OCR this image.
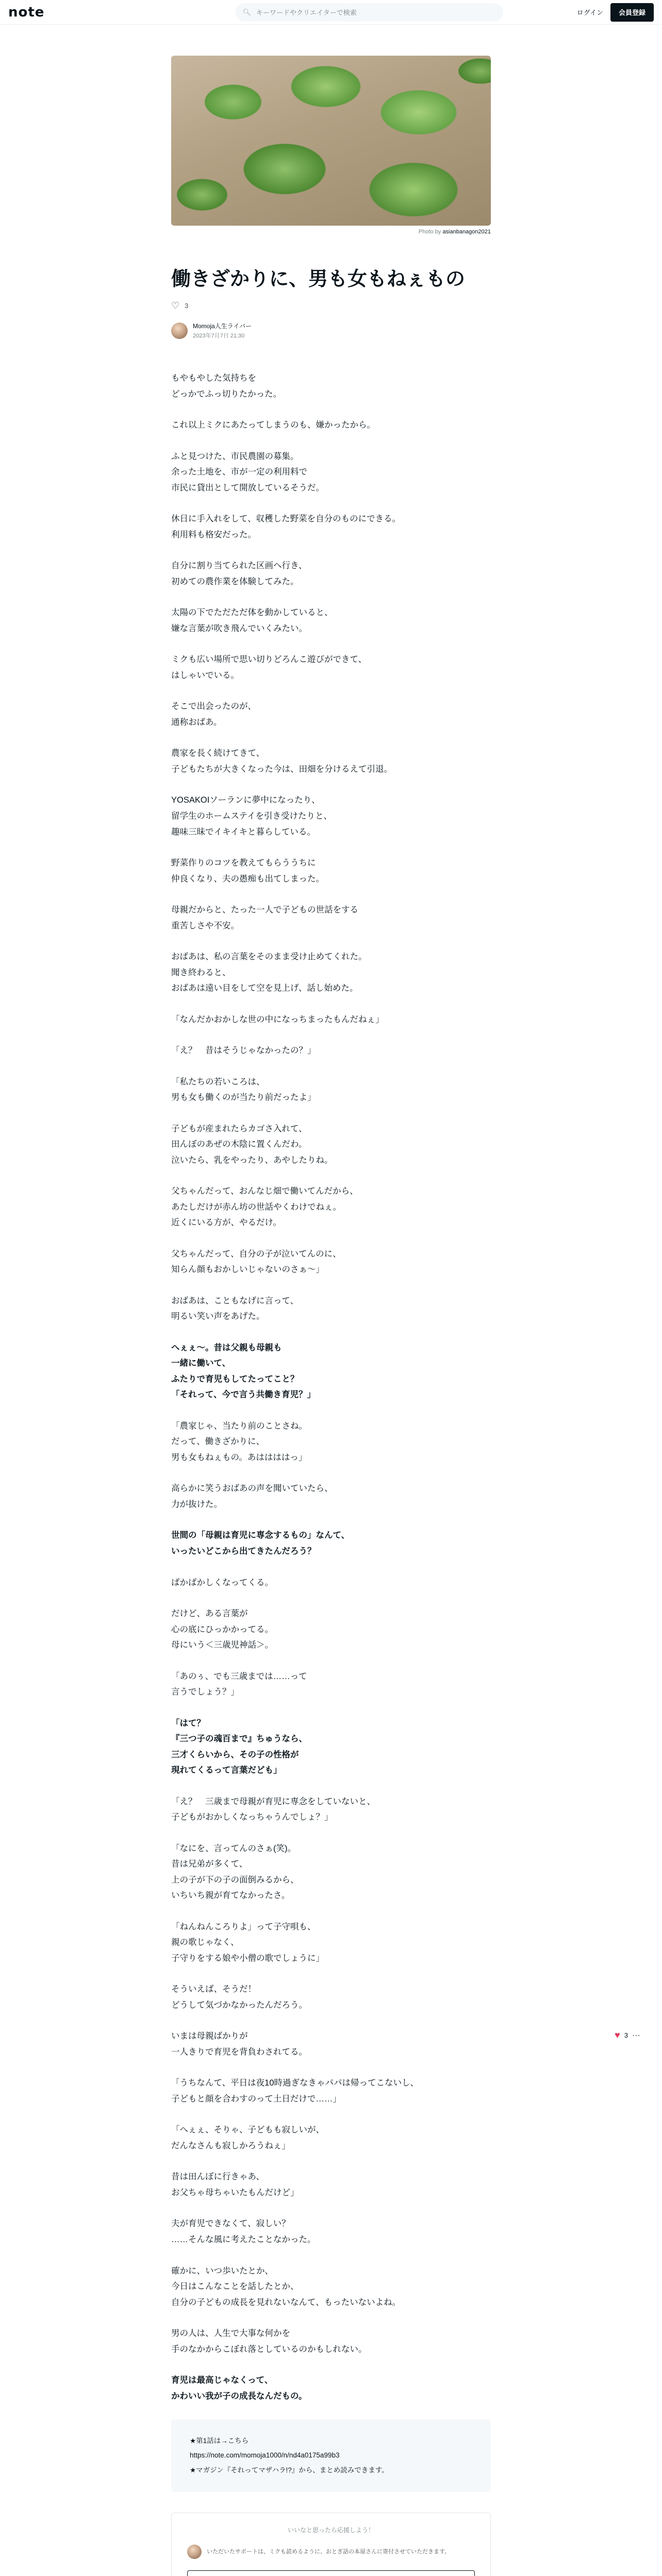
note	🔍︎ キーワードやクリエイターで検索	ログイン	会員登録
♥ 3 ⋯
Photo by asianbanagon2021
働きざかりに、男も女もねぇもの
♡ 3
Momoja人生ライバー
2023年7月7日 21:30

もやもやした気持ちを
どっかでふっ切りたかった。

これ以上ミクにあたってしまうのも、嫌かったから。

ふと見つけた、市民農園の募集。
余った土地を、市が一定の利用料で
市民に貸出として開放しているそうだ。

休日に手入れをして、収穫した野菜を自分のものにできる。
利用料も格安だった。

自分に割り当てられた区画へ行き、
初めての農作業を体験してみた。

太陽の下でただただ体を動かしていると、
嫌な言葉が吹き飛んでいくみたい。

ミクも広い場所で思い切りどろんこ遊びができて、
はしゃいでいる。

そこで出会ったのが、
通称おばあ。

農家を長く続けてきて、
子どもたちが大きくなった今は、田畑を分けるえて引退。

YOSAKOIソーランに夢中になったり、
留学生のホームステイを引き受けたりと、
趣味三昧でイキイキと暮らしている。

野菜作りのコツを教えてもらううちに
仲良くなり、夫の愚痴も出てしまった。

母親だからと、たった一人で子どもの世話をする
重苦しさや不安。

おばあは、私の言葉をそのまま受け止めてくれた。
聞き終わると、
おばあは遠い目をして空を見上げ、話し始めた。

「なんだかおかしな世の中になっちまったもんだねぇ」

「え？　昔はそうじゃなかったの？」

「私たちの若いころは、
男も女も働くのが当たり前だったよ」

子どもが産まれたらカゴさ入れて、
田んぼのあぜの木陰に置くんだわ。
泣いたら、乳をやったり、あやしたりね。

父ちゃんだって、おんなじ畑で働いてんだから、
あたしだけが赤ん坊の世話やくわけでねぇ。
近くにいる方が、やるだけ。

父ちゃんだって、自分の子が泣いてんのに、
知らん顔もおかしいじゃないのさぁ〜」

おばあは、こともなげに言って、
明るい笑い声をあげた。

へぇぇ〜。昔は父親も母親も
一緒に働いて、
ふたりで育児もしてたってこと？
「それって、今で言う共働き育児？」

「農家じゃ、当たり前のことさね。
だって、働きざかりに、
男も女もねぇもの。あははははっ」

高らかに笑うおばあの声を聞いていたら、
力が抜けた。

世間の「母親は育児に専念するもの」なんて、
いったいどこから出てきたんだろう？

ばかばかしくなってくる。

だけど、ある言葉が
心の底にひっかかってる。
母にいう＜三歳児神話＞。

「あのぅ、でも三歳までは……って
言うでしょう？」

「はて？
『三つ子の魂百まで』ちゅうなら、
三才くらいから、その子の性格が
現れてくるって言葉だども」

「え？　三歳まで母親が育児に専念をしていないと、
子どもがおかしくなっちゃうんでしょ？」

「なにを、言ってんのさぁ(笑)。
昔は兄弟が多くて、
上の子が下の子の面倒みるから、
いちいち親が育てなかったさ。

「ねんねんころりよ」って子守唄も、
親の歌じゃなく、
子守りをする娘や小僧の歌でしょうに」

そういえば、そうだ！
どうして気づかなかったんだろう。

いまは母親ばかりが
一人きりで育児を背負わされてる。

「うちなんて、平日は夜10時過ぎなきゃパパは帰ってこないし、
子どもと顔を合わすのって土日だけで……」

「へぇぇ、そりゃ、子どもも寂しいが、
だんなさんも寂しかろうねぇ」

昔は田んぼに行きゃあ、
お父ちゃ母ちゃいたもんだけど」

夫が育児できなくて、寂しい？
……そんな風に考えたことなかった。

確かに、いつ歩いたとか、
今日はこんなことを話したとか、
自分の子どもの成長を見れないなんて、もったいないよね。

男の人は、人生で大事な何かを
手のなかからこぼれ落としているのかもしれない。

育児は最高じゃなくって、
かわいい我が子の成長なんだもの。

★第1話は→こちら
https://note.com/momoja1000/n/nd4a0175a99b3
★マガジン『それってマザハラ!?』から、まとめ読みできます。
いいなと思ったら応援しよう！
いただいたサポートは、ミクも読めるように、おとぎ話の本屋さんに寄付させていただきます。
